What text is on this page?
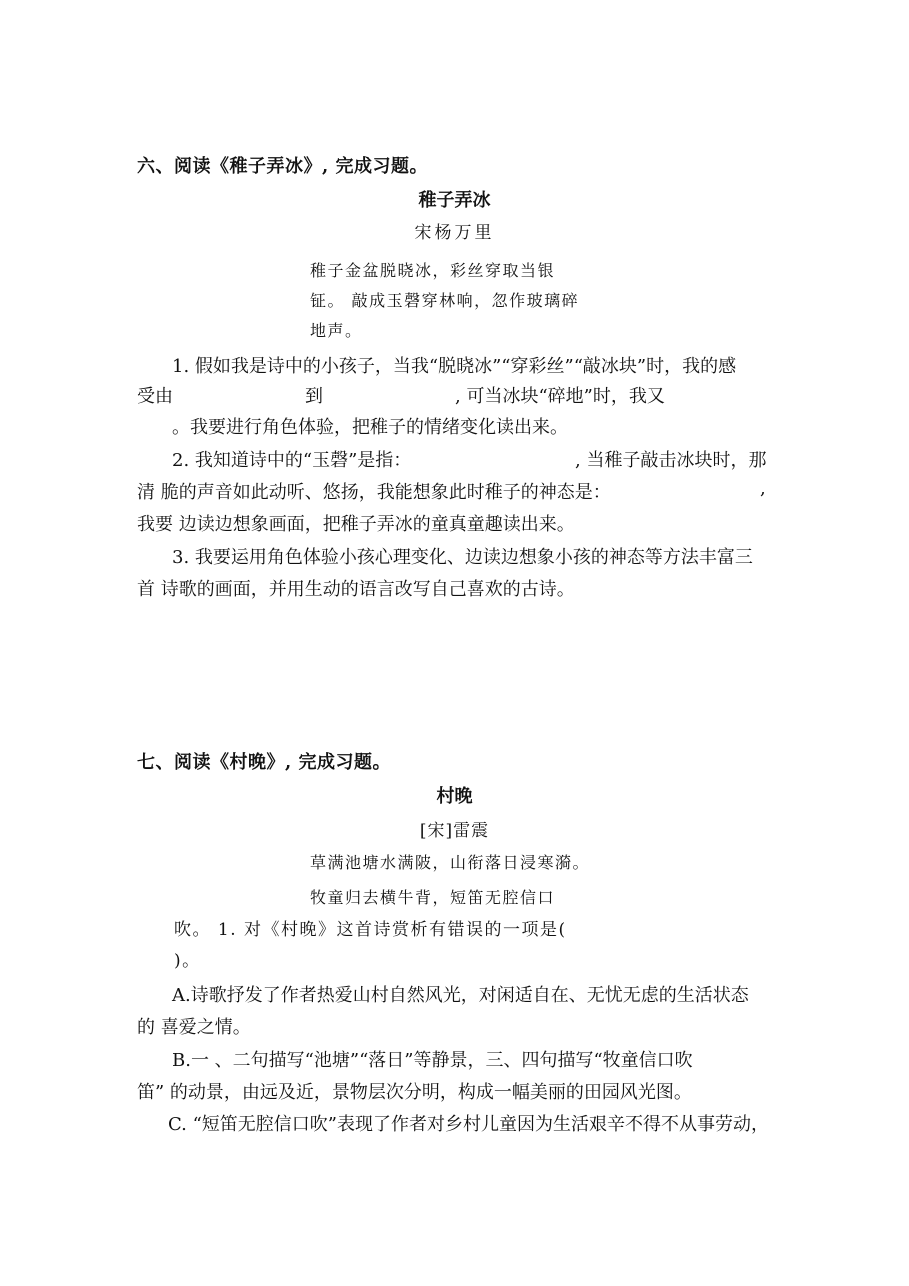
六、阅读《稚子弄冰》, 完成习题。
稚子弄冰
宋杨万里
稚子金盆脱晓冰，彩丝穿取当银
钲。 敲成玉磬穿林响，忽作玻璃碎
地声。
1. 假如我是诗中的小孩子，当我“脱晓冰”“穿彩丝”“敲冰块”时，我的感
受由	到	, 可当冰块“碎地”时，我又
。我要进行角色体验，把稚子的情绪变化读出来。
2. 我知道诗中的“玉磬”是指：	, 当稚子敲击冰块时，那
清 脆的声音如此动听、悠扬，我能想象此时稚子的神态是：	,
我要 边读边想象画面，把稚子弄冰的童真童趣读出来。
3. 我要运用角色体验小孩心理变化、边读边想象小孩的神态等方法丰富三
首 诗歌的画面，并用生动的语言改写自己喜欢的古诗。
七、阅读《村晚》, 完成习题。
村晚
[宋]雷震
草满池塘水满陂，山衔落日浸寒漪。
牧童归去横牛背，短笛无腔信口
吹。 1. 对《村晚》这首诗赏析有错误的一项是(
)。
A.诗歌抒发了作者热爱山村自然风光，对闲适自在、无忧无虑的生活状态
的 喜爱之情。
B.一 、二句描写“池塘”“落日”等静景，三、四句描写“牧童信口吹
笛” 的动景，由远及近，景物层次分明，构成一幅美丽的田园风光图。
C. “短笛无腔信口吹”表现了作者对乡村儿童因为生活艰辛不得不从事劳动，
